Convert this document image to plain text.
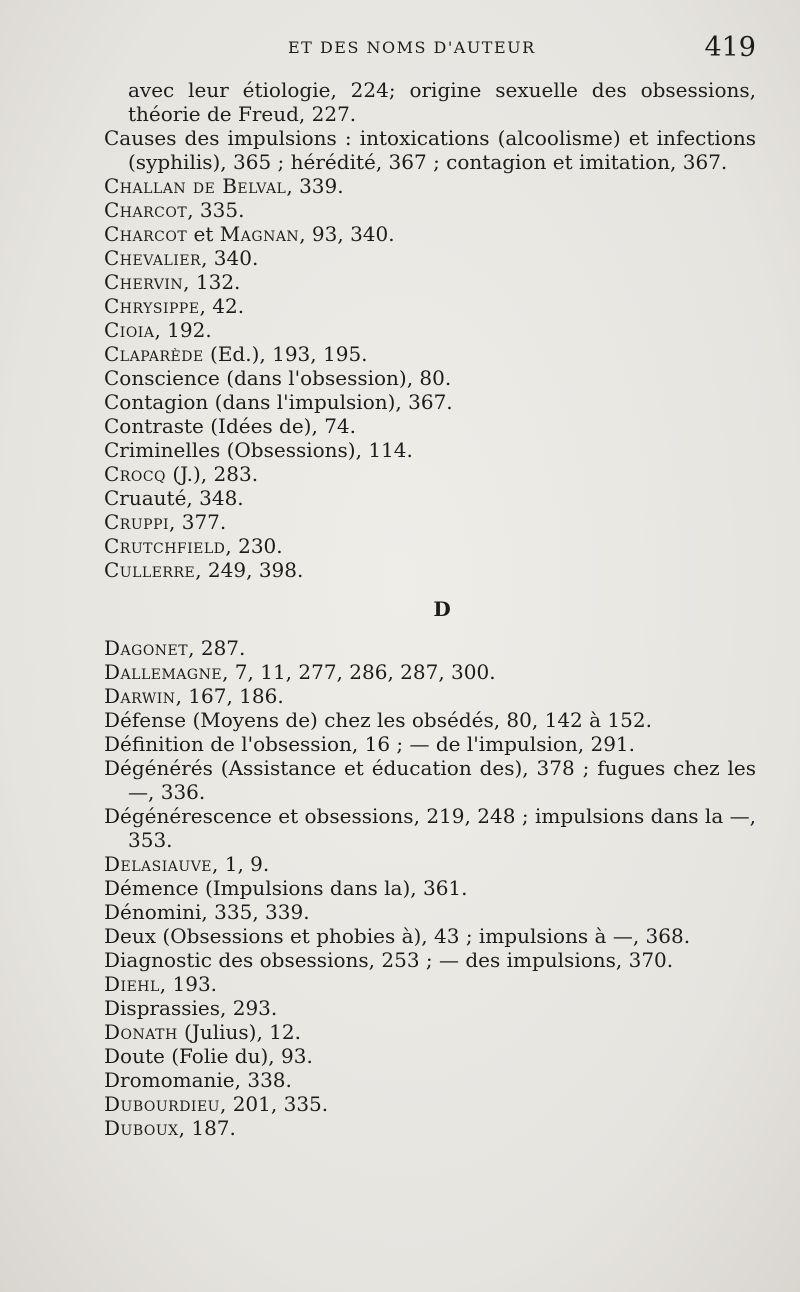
ET DES NOMS D'AUTEUR	419

avec leur étiologie, 224; origine sexuelle des obsessions, théorie de Freud, 227.

Causes des impulsions : intoxications (alcoolisme) et infections (syphilis), 365 ; hérédité, 367 ; contagion et imitation, 367.

Challan de Belval, 339.

Charcot, 335.

Charcot et Magnan, 93, 340.

Chevalier, 340.

Chervin, 132.

Chrysippe, 42.

Cioia, 192.

Claparède (Ed.), 193, 195.

Conscience (dans l'obsession), 80.

Contagion (dans l'impulsion), 367.

Contraste (Idées de), 74.

Criminelles (Obsessions), 114.

Crocq (J.), 283.

Cruauté, 348.

Cruppi, 377.

Crutchfield, 230.

Cullerre, 249, 398.

D

Dagonet, 287.

Dallemagne, 7, 11, 277, 286, 287, 300.

Darwin, 167, 186.

Défense (Moyens de) chez les obsédés, 80, 142 à 152.

Définition de l'obsession, 16 ; — de l'impulsion, 291.

Dégénérés (Assistance et éducation des), 378 ; fugues chez les —, 336.

Dégénérescence et obsessions, 219, 248 ; impulsions dans la —, 353.

Delasiauve, 1, 9.

Démence (Impulsions dans la), 361.

Dénomini, 335, 339.

Deux (Obsessions et phobies à), 43 ; impulsions à —, 368.

Diagnostic des obsessions, 253 ; — des impulsions, 370.

Diehl, 193.

Disprassies, 293.

Donath (Julius), 12.

Doute (Folie du), 93.

Dromomanie, 338.

Dubourdieu, 201, 335.

Duboux, 187.
